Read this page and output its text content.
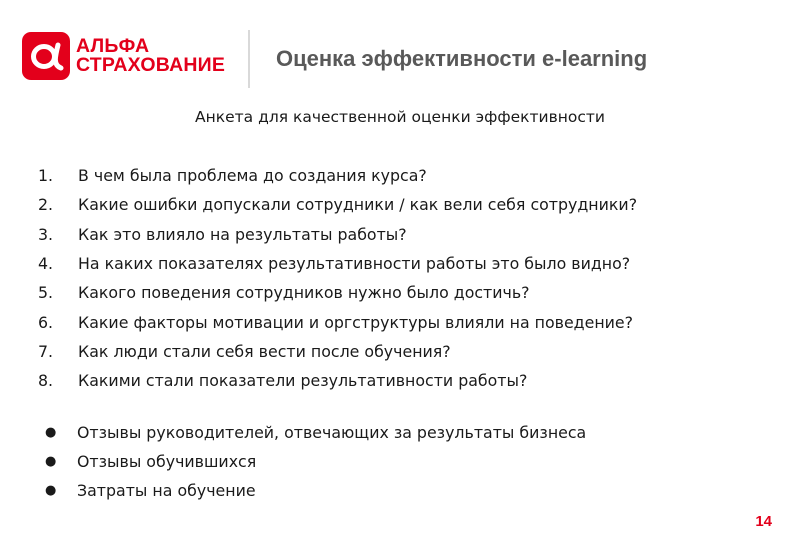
АЛЬФА
СТРАХОВАНИЕ Оценка эффективности e-learning
Анкета для качественной оценки эффективности
1.	В чем была проблема до создания курса?
2.	Какие ошибки допускали сотрудники / как вели себя сотрудники?
3.	Как это влияло на результаты работы?
4.	На каких показателях результативности работы это было видно?
5.	Какого поведения сотрудников нужно было достичь?
6.	Какие факторы мотивации и оргструктуры влияли на поведение?
7.	Как люди стали себя вести после обучения?
8.	Какими стали показатели результативности работы?
●	Отзывы руководителей, отвечающих за результаты бизнеса
●	Отзывы обучившихся
●	Затраты на обучение
14
